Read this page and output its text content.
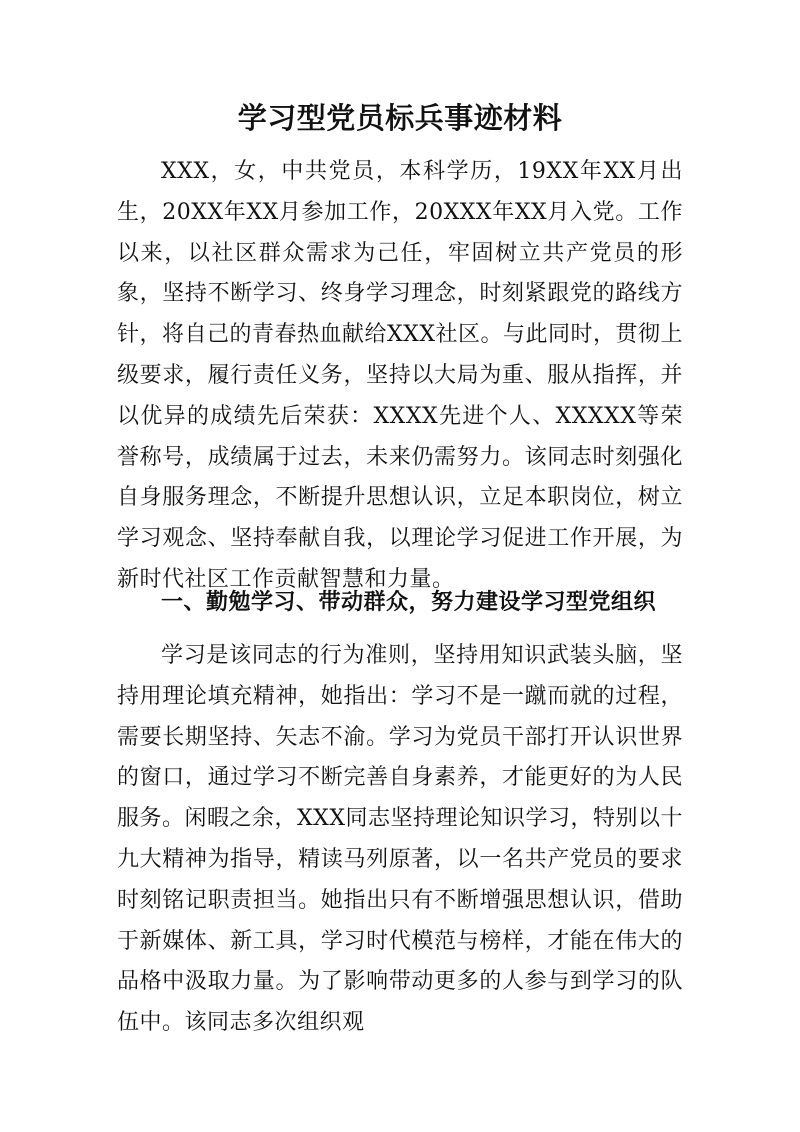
学习型党员标兵事迹材料

XXX，女，中共党员，本科学历，19XX年XX月出生，20XX年XX月参加工作，20XXX年XX月入党。工作以来，以社区群众需求为己任，牢固树立共产党员的形象，坚持不断学习、终身学习理念，时刻紧跟党的路线方针，将自己的青春热血献给XXX社区。与此同时，贯彻上级要求，履行责任义务，坚持以大局为重、服从指挥，并以优异的成绩先后荣获：XXXX先进个人、XXXXX等荣誉称号，成绩属于过去，未来仍需努力。该同志时刻强化自身服务理念，不断提升思想认识，立足本职岗位，树立学习观念、坚持奉献自我，以理论学习促进工作开展，为新时代社区工作贡献智慧和力量。

一、勤勉学习、带动群众，努力建设学习型党组织

学习是该同志的行为准则，坚持用知识武装头脑，坚持用理论填充精神，她指出：学习不是一蹴而就的过程，需要长期坚持、矢志不渝。学习为党员干部打开认识世界的窗口，通过学习不断完善自身素养，才能更好的为人民服务。闲暇之余，XXX同志坚持理论知识学习，特别以十九大精神为指导，精读马列原著，以一名共产党员的要求时刻铭记职责担当。她指出只有不断增强思想认识，借助于新媒体、新工具，学习时代模范与榜样，才能在伟大的品格中汲取力量。为了影响带动更多的人参与到学习的队伍中。该同志多次组织观
